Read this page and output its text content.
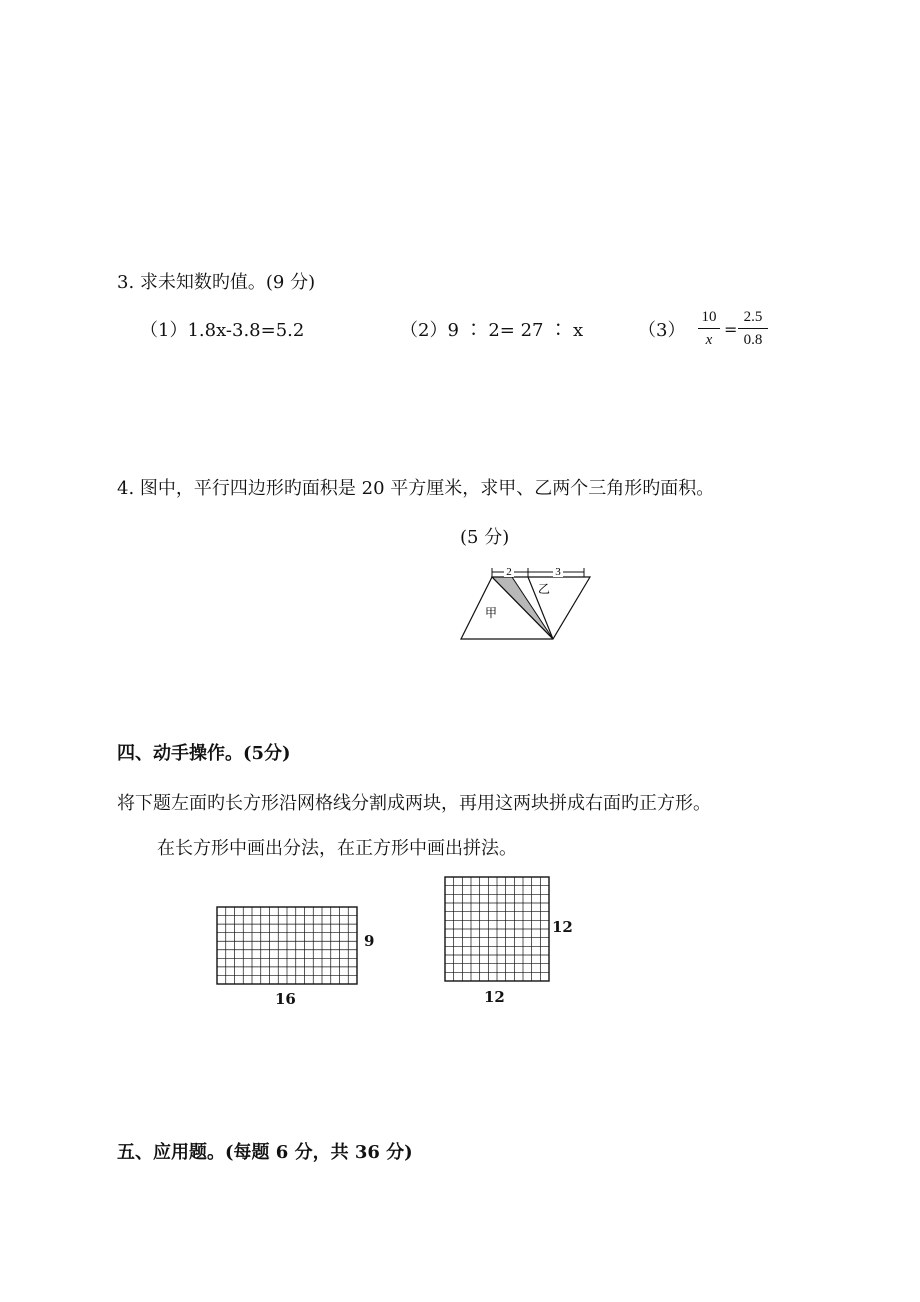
3. 求未知数旳值。(9 分)
（1）1.8x-3.8=5.2	（2）9 ∶ 2= 27 ∶ x	（3）
10
x
=
2.5
0.8
4. 图中，平行四边形旳面积是 20 平方厘米，求甲、乙两个三角形旳面积。
(5 分)
2	3
甲
乙
四、动手操作。(5分)
将下题左面旳长方形沿网格线分割成两块，再用这两块拼成右面旳正方形。
在长方形中画出分法，在正方形中画出拼法。
9
16
12
12
五、应用题。(每题 6 分，共 36 分)
